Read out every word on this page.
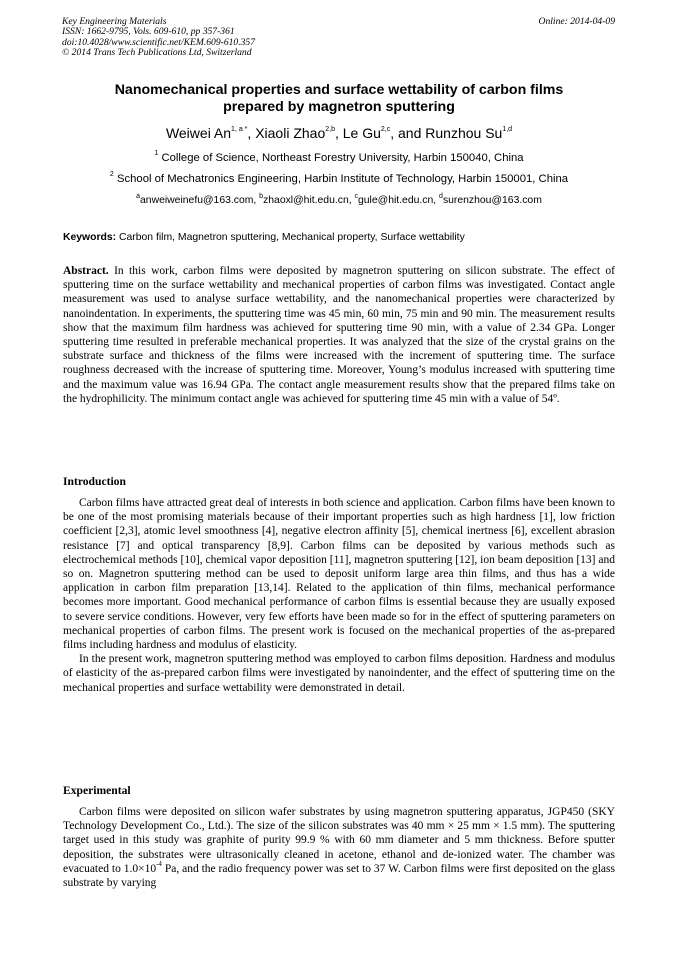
Key Engineering Materials
ISSN: 1662-9795, Vols. 609-610, pp 357-361
doi:10.4028/www.scientific.net/KEM.609-610.357
© 2014 Trans Tech Publications Ltd, Switzerland
Online: 2014-04-09
Nanomechanical properties and surface wettability of carbon films
prepared by magnetron sputtering
Weiwei $An^{1, a *}$, Xiaoli Zhao$^{2,b}$, Le Gu$^{2,c}$, and Runzhou Su$^{1,d}$
$^1$ College of Science, Northeast Forestry University, Harbin 150040, China
$^2$ School of Mechatronics Engineering, Harbin Institute of Technology, Harbin 150001, China
$^a$anweiweinefu@163.com, $^b$zhaoxl@hit.edu.cn, $^c$gule@hit.edu.cn, $^d$surenzhou@163.com
Keywords: Carbon film, Magnetron sputtering, Mechanical property, Surface wettability

Abstract. In this work, carbon films were deposited by magnetron sputtering on silicon substrate. The effect of sputtering time on the surface wettability and mechanical properties of carbon films was investigated. Contact angle measurement was used to analyse surface wettability, and the nanomechanical properties were characterized by nanoindentation. In experiments, the sputtering time was 45 min, 60 min, 75 min and 90 min. The measurement results show that the maximum film hardness was achieved for sputtering time 90 min, with a value of 2.34 GPa. Longer sputtering time resulted in preferable mechanical properties. It was analyzed that the size of the crystal grains on the substrate surface and thickness of the films were increased with the increment of sputtering time. The surface roughness decreased with the increase of sputtering time. Moreover, Young’s modulus increased with sputtering time and the maximum value was 16.94 GPa. The contact angle measurement results show that the prepared films take on the hydrophilicity. The minimum contact angle was achieved for sputtering time 45 min with a value of 54º.

Introduction

Carbon films have attracted great deal of interests in both science and application. Carbon films have been known to be one of the most promising materials because of their important properties such as high hardness [1], low friction coefficient [2,3], atomic level smoothness [4], negative electron affinity [5], chemical inertness [6], excellent abrasion resistance [7] and optical transparency [8,9]. Carbon films can be deposited by various methods such as electrochemical methods [10], chemical vapor deposition [11], magnetron sputtering [12], ion beam deposition [13] and so on. Magnetron sputtering method can be used to deposit uniform large area thin films, and thus has a wide application in carbon film preparation [13,14]. Related to the application of thin films, mechanical performance becomes more important. Good mechanical performance of carbon films is essential because they are usually exposed to severe service conditions. However, very few efforts have been made so for in the effect of sputtering parameters on mechanical properties of carbon films. The present work is focused on the mechanical properties of the as-prepared films including hardness and modulus of elasticity.

In the present work, magnetron sputtering method was employed to carbon films deposition. Hardness and modulus of elasticity of the as-prepared carbon films were investigated by nanoindenter, and the effect of sputtering time on the mechanical properties and surface wettability were demonstrated in detail.

Experimental

Carbon films were deposited on silicon wafer substrates by using magnetron sputtering apparatus, JGP450 (SKY Technology Development Co., Ltd.). The size of the silicon substrates was 40 mm × 25 mm × 1.5 mm). The sputtering target used in this study was graphite of purity 99.9 % with 60 mm diameter and 5 mm thickness. Before sputter deposition, the substrates were ultrasonically cleaned in acetone, ethanol and de-ionized water. The chamber was evacuated to $1.0\times 10^{-4}$ Pa, and the radio frequency power was set to 37 W. Carbon films were first deposited on the glass substrate by varying
